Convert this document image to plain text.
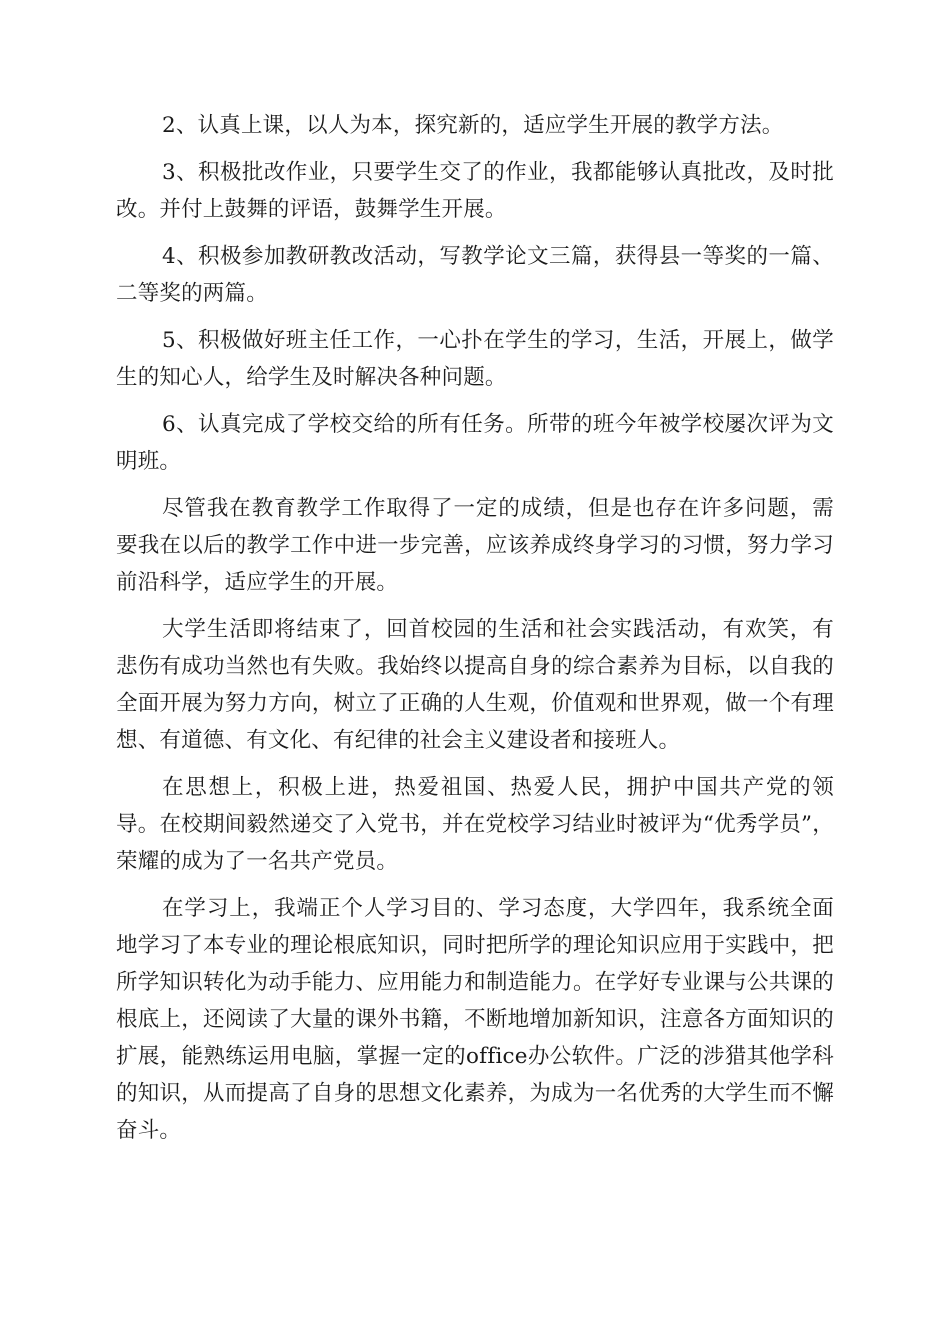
2、认真上课，以人为本，探究新的，适应学生开展的教学方法。

3、积极批改作业，只要学生交了的作业，我都能够认真批改，及时批改。并付上鼓舞的评语，鼓舞学生开展。

4、积极参加教研教改活动，写教学论文三篇，获得县一等奖的一篇、二等奖的两篇。

5、积极做好班主任工作，一心扑在学生的学习，生活，开展上，做学生的知心人，给学生及时解决各种问题。

6、认真完成了学校交给的所有任务。所带的班今年被学校屡次评为文明班。

尽管我在教育教学工作取得了一定的成绩，但是也存在许多问题，需要我在以后的教学工作中进一步完善，应该养成终身学习的习惯，努力学习前沿科学，适应学生的开展。

大学生活即将结束了，回首校园的生活和社会实践活动，有欢笑，有悲伤有成功当然也有失败。我始终以提高自身的综合素养为目标，以自我的全面开展为努力方向，树立了正确的人生观，价值观和世界观，做一个有理想、有道德、有文化、有纪律的社会主义建设者和接班人。

在思想上，积极上进，热爱祖国、热爱人民，拥护中国共产党的领导。在校期间毅然递交了入党书，并在党校学习结业时被评为“优秀学员”，荣耀的成为了一名共产党员。

在学习上，我端正个人学习目的、学习态度，大学四年，我系统全面地学习了本专业的理论根底知识，同时把所学的理论知识应用于实践中，把所学知识转化为动手能力、应用能力和制造能力。在学好专业课与公共课的根底上，还阅读了大量的课外书籍，不断地增加新知识，注意各方面知识的扩展，能熟练运用电脑，掌握一定的office办公软件。广泛的涉猎其他学科的知识，从而提高了自身的思想文化素养，为成为一名优秀的大学生而不懈奋斗。
